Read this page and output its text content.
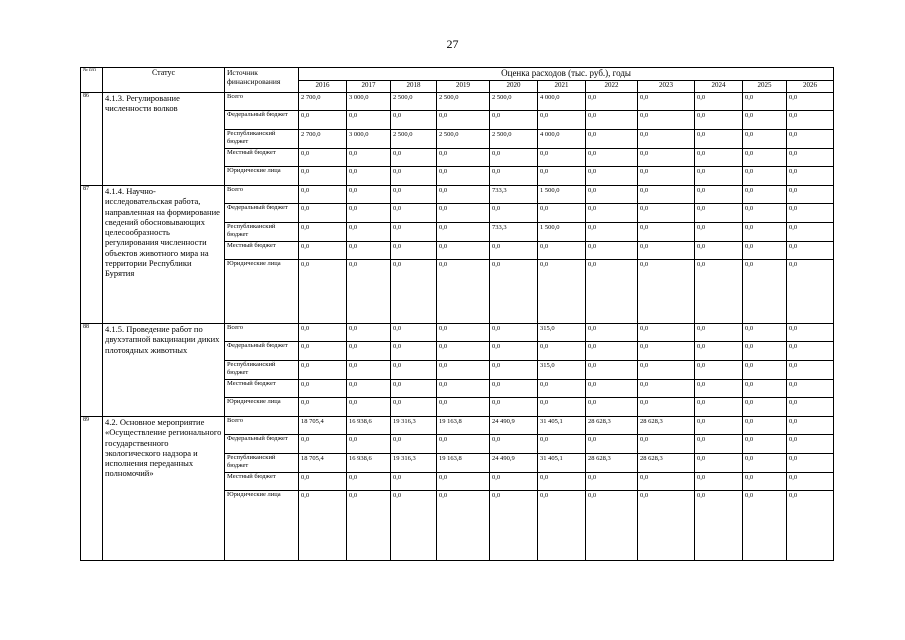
27
№ п/п	Статус	Источник финансирования	Оценка расходов (тыс. руб.), годы										
			2016	2017	2018	2019	2020	2021	2022	2023	2024	2025	2026
86	4.1.3. Регулирование численности волков	Всего	2 700,0	3 000,0	2 500,0	2 500,0	2 500,0	4 000,0	0,0	0,0	0,0	0,0	0,0
		Федеральный бюджет	0,0	0,0	0,0	0,0	0,0	0,0	0,0	0,0	0,0	0,0	0,0
		Республиканский бюджет	2 700,0	3 000,0	2 500,0	2 500,0	2 500,0	4 000,0	0,0	0,0	0,0	0,0	0,0
		Местный бюджет	0,0	0,0	0,0	0,0	0,0	0,0	0,0	0,0	0,0	0,0	0,0
		Юридические лица	0,0	0,0	0,0	0,0	0,0	0,0	0,0	0,0	0,0	0,0	0,0
87	4.1.4. Научно-исследовательская работа, направленная на формирование сведений обосновывающих целесообразность регулирования численности объектов животного мира на территории Республики Бурятия	Всего	0,0	0,0	0,0	0,0	733,3	1 500,0	0,0	0,0	0,0	0,0	0,0
		Федеральный бюджет	0,0	0,0	0,0	0,0	0,0	0,0	0,0	0,0	0,0	0,0	0,0
		Республиканский бюджет	0,0	0,0	0,0	0,0	733,3	1 500,0	0,0	0,0	0,0	0,0	0,0
		Местный бюджет	0,0	0,0	0,0	0,0	0,0	0,0	0,0	0,0	0,0	0,0	0,0
		Юридические лица	0,0	0,0	0,0	0,0	0,0	0,0	0,0	0,0	0,0	0,0	0,0
88	4.1.5. Проведение работ по двухэтапной вакцинации диких плотоядных животных	Всего	0,0	0,0	0,0	0,0	0,0	315,0	0,0	0,0	0,0	0,0	0,0
		Федеральный бюджет	0,0	0,0	0,0	0,0	0,0	0,0	0,0	0,0	0,0	0,0	0,0
		Республиканский бюджет	0,0	0,0	0,0	0,0	0,0	315,0	0,0	0,0	0,0	0,0	0,0
		Местный бюджет	0,0	0,0	0,0	0,0	0,0	0,0	0,0	0,0	0,0	0,0	0,0
		Юридические лица	0,0	0,0	0,0	0,0	0,0	0,0	0,0	0,0	0,0	0,0	0,0
89	4.2. Основное мероприятие «Осуществление регионального государственного экологического надзора и исполнения переданных полномочий»	Всего	18 705,4	16 938,6	19 316,3	19 163,8	24 490,9	31 405,1	28 628,3	28 628,3	0,0	0,0	0,0
		Федеральный бюджет	0,0	0,0	0,0	0,0	0,0	0,0	0,0	0,0	0,0	0,0	0,0
		Республиканский бюджет	18 705,4	16 938,6	19 316,3	19 163,8	24 490,9	31 405,1	28 628,3	28 628,3	0,0	0,0	0,0
		Местный бюджет	0,0	0,0	0,0	0,0	0,0	0,0	0,0	0,0	0,0	0,0	0,0
		Юридические лица	0,0	0,0	0,0	0,0	0,0	0,0	0,0	0,0	0,0	0,0	0,0
